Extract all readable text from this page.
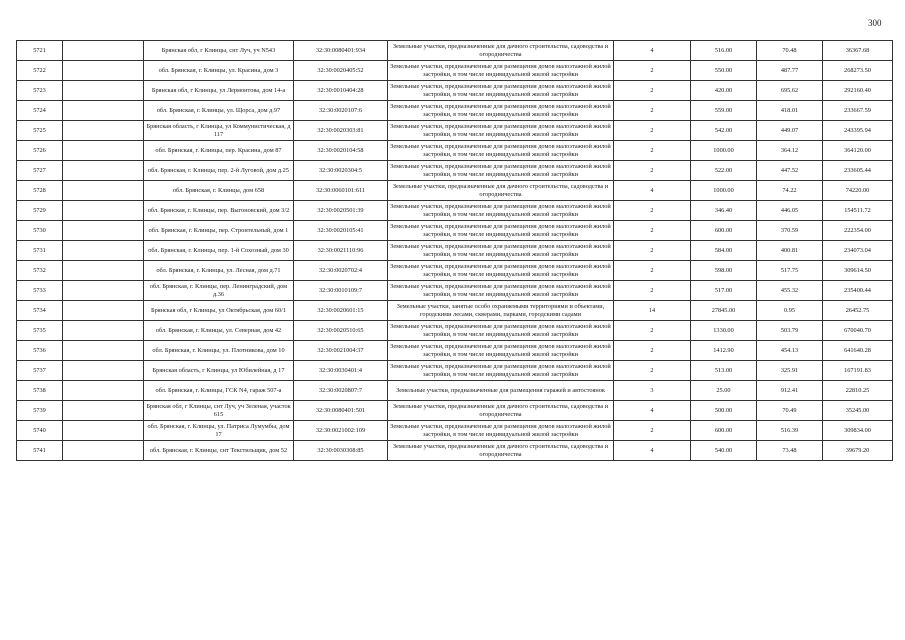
300
5721		Брянская обл, г Клинцы, снт Луч, уч N543	32:30:0080401:934	Земельные участки, предназначенные для дачного строительства, садоводства и огородничества	4	516.00	70.48	36367.68
5722		обл. Брянская, г. Клинцы, ул. Красина, дом 3	32:30:0020405:52	Земельные участки, предназначенные для размещения домов малоэтажной жилой застройки, в том числе индивидуальной жилой застройки	2	550.00	487.77	268273.50
5723		Брянская обл, г Клинцы, ул Лермонтова, дом 14-а	32:30:0010404:28	Земельные участки, предназначенные для размещения домов малоэтажной жилой застройки, в том числе индивидуальной жилой застройки	2	420.00	695.62	292160.40
5724		обл. Брянская, г. Клинцы, ул. Щорса, дом д.97	32:30:0020107:6	Земельные участки, предназначенные для размещения домов малоэтажной жилой застройки, в том числе индивидуальной жилой застройки	2	559.00	418.01	233667.59
5725		Брянская область, г Клинцы, ул Коммунистическая, д 117	32:30:0020303:81	Земельные участки, предназначенные для размещения домов малоэтажной жилой застройки, в том числе индивидуальной жилой застройки	2	542.00	449.07	243395.94
5726		обл. Брянская, г. Клинцы, пер. Красина, дом 87	32:30:0020104:58	Земельные участки, предназначенные для размещения домов малоэтажной жилой застройки, в том числе индивидуальной жилой застройки	2	1000.00	364.12	364120.00
5727		обл. Брянская, г. Клинцы, пер. 2-й Луговой, дом д.25	32:30:0020304:5	Земельные участки, предназначенные для размещения домов малоэтажной жилой застройки, в том числе индивидуальной жилой застройки	2	522.00	447.52	233605.44
5728		обл. Брянская, г. Клинцы, дом 658	32:30:0060101:611	Земельные участки, предназначенные для дачного строительства, садоводства и огородничества	4	1000.00	74.22	74220.00
5729		обл. Брянская, г. Клинцы, пер. Выгоновский, дом 3/2	32:30:0020501:39	Земельные участки, предназначенные для размещения домов малоэтажной жилой застройки, в том числе индивидуальной жилой застройки	2	346.40	446.05	154511.72
5730		обл. Брянская, г. Клинцы, пер. Строительный, дом 1	32:30:0020105:41	Земельные участки, предназначенные для размещения домов малоэтажной жилой застройки, в том числе индивидуальной жилой застройки	2	600.00	370.59	222354.00
5731		обл. Брянская, г. Клинцы, пер. 1-й Сохозный, дом 30	32:30:0021110:96	Земельные участки, предназначенные для размещения домов малоэтажной жилой застройки, в том числе индивидуальной жилой застройки	2	584.00	400.81	234073.04
5732		обл. Брянская, г. Клинцы, ул. Лесная, дом д.71	32:30:0020702:4	Земельные участки, предназначенные для размещения домов малоэтажной жилой застройки, в том числе индивидуальной жилой застройки	2	598.00	517.75	309614.50
5733		обл. Брянская, г. Клинцы, пер. Ленинградский, дом д.36	32:30:0010109:7	Земельные участки, предназначенные для размещения домов малоэтажной жилой застройки, в том числе индивидуальной жилой застройки	2	517.00	455.32	235400.44
5734		Брянская обл, г Клинцы, ул Октябрьская, дом 60/1	32:30:0020601:15	Земельные участки, занятые особо охраняемыми территориями и объектами, городскими лесами, скверами, парками, городскими садами	14	27845.00	0.95	26452.75
5735		обл. Брянская, г. Клинцы, ул. Северная, дом 42	32:30:0020510:65	Земельные участки, предназначенные для размещения домов малоэтажной жилой застройки, в том числе индивидуальной жилой застройки	2	1330.00	503.79	670040.70
5736		обл. Брянская, г. Клинцы, ул. Плотникова, дом 10	32:30:0021004:37	Земельные участки, предназначенные для размещения домов малоэтажной жилой застройки, в том числе индивидуальной жилой застройки	2	1412.90	454.13	641640.28
5737		Брянская область, г Клинцы, ул Юбилейная, д 17	32:30:0030401:4	Земельные участки, предназначенные для размещения домов малоэтажной жилой застройки, в том числе индивидуальной жилой застройки	2	513.00	325.91	167191.83
5738		обл. Брянская, г. Клинцы, ГСК N4, гараж 507-а	32:30:0020807:7	Земельные участки, предназначенные для размещения гаражей и автостоянок	3	25.00	912.41	22810.25
5739		Брянская обл, г Клинцы, снт Луч, уч Зеленая, участок 615	32:30:0080401:501	Земельные участки, предназначенные для дачного строительства, садоводства и огородничества	4	500.00	70.49	35245.00
5740		обл. Брянская, г. Клинцы, ул. Патриса Лумумбы, дом 17	32:30:0021002:109	Земельные участки, предназначенные для размещения домов малоэтажной жилой застройки, в том числе индивидуальной жилой застройки	2	600.00	516.39	309834.00
5741		обл. Брянская, г. Клинцы, снт Текстильщик, дом 52	32:30:0030308:85	Земельные участки, предназначенные для дачного строительства, садоводства и огородничества	4	540.00	73.48	39679.20
